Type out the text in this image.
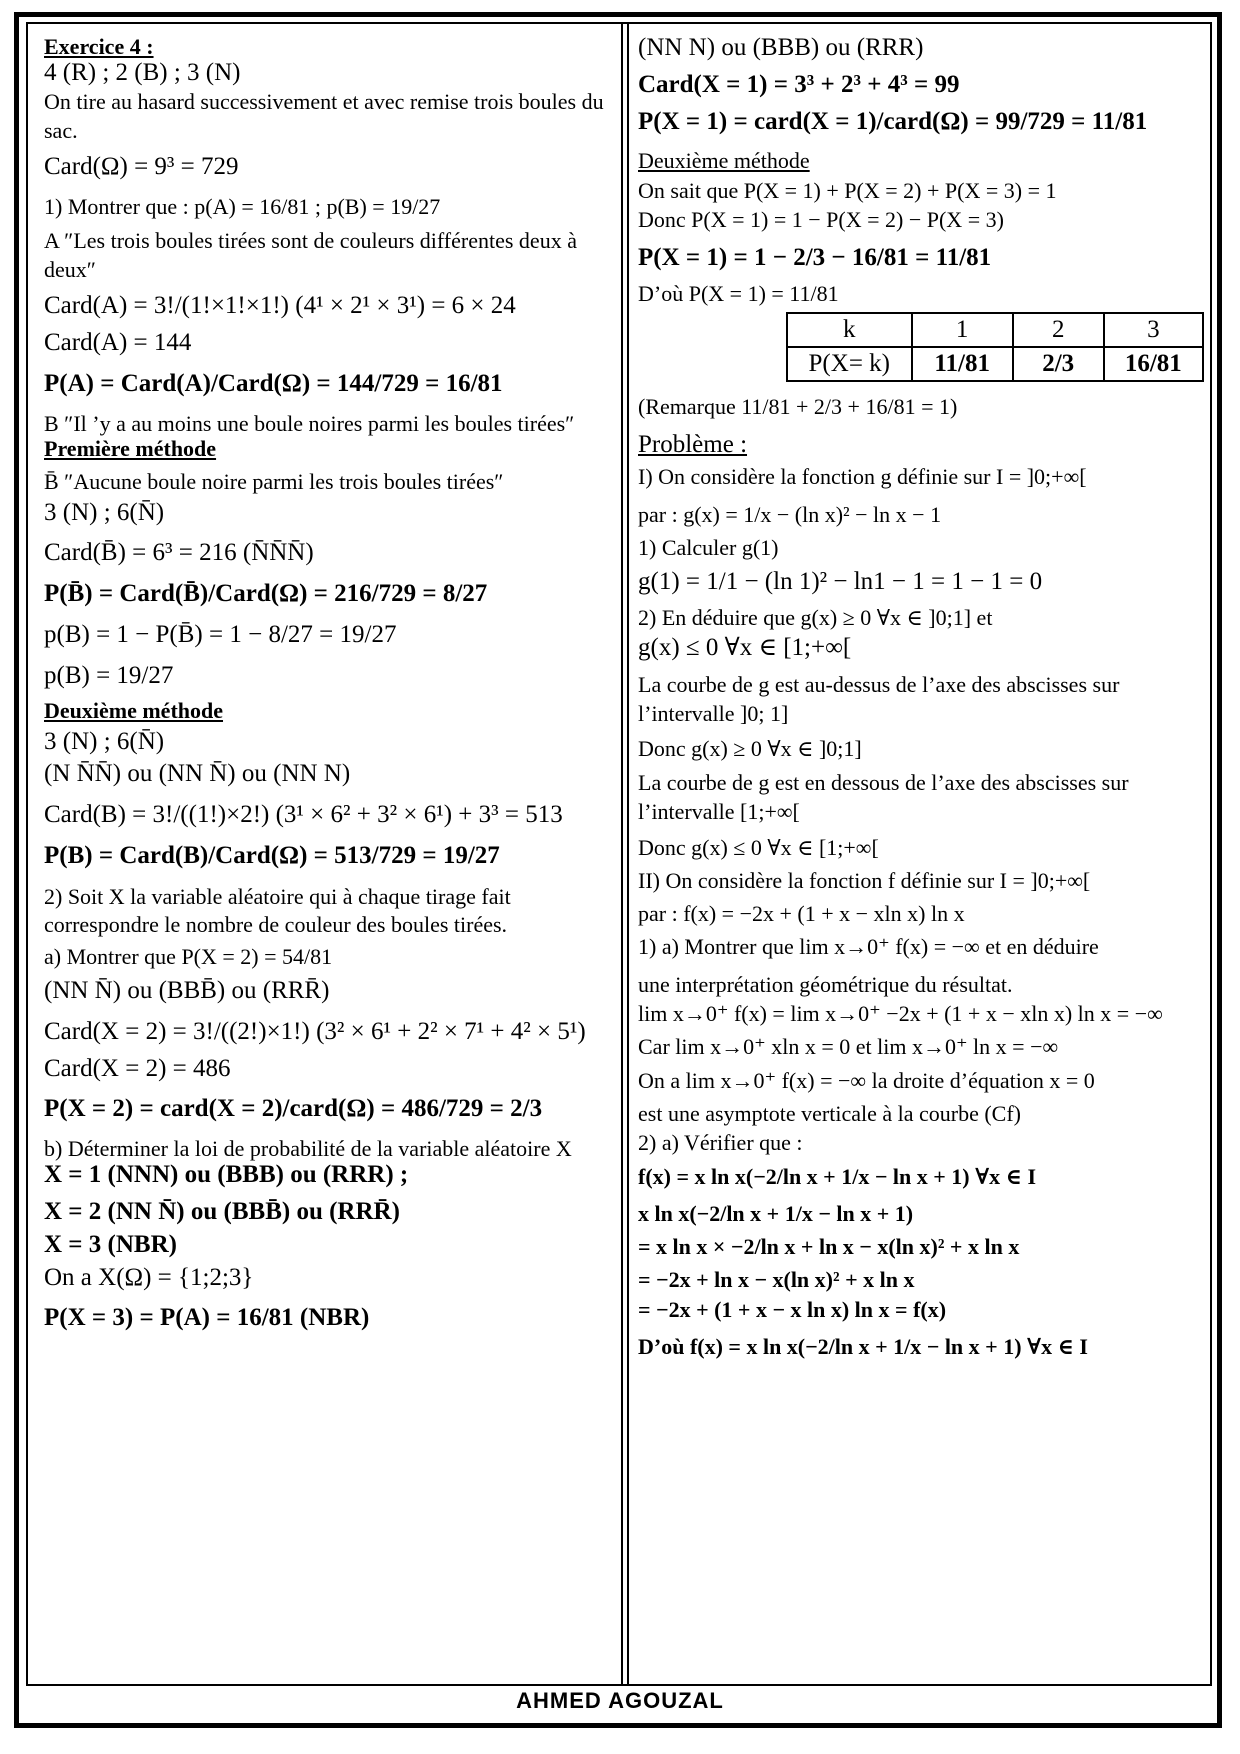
Exercice 4 :

4 (R) ; 2 (B) ; 3 (N)

On tire au hasard successivement et avec remise trois boules du sac.

Card(Ω) = 9³ = 729

1) Montrer que : p(A) = 16/81 ; p(B) = 19/27

A ″Les trois boules tirées sont de couleurs différentes deux à deux″

Card(A) = 3!/(1!×1!×1!) (4¹ × 2¹ × 3¹) = 6 × 24

Card(A) = 144

P(A) = Card(A)/Card(Ω) = 144/729 = 16/81

B ″Il ’y a au moins une boule noires parmi les boules tirées″

Première méthode

B̄ ″Aucune boule noire parmi les trois boules tirées″

3 (N) ; 6(N̄)

Card(B̄) = 6³ = 216 (N̄N̄N̄)

P(B̄) = Card(B̄)/Card(Ω) = 216/729 = 8/27

p(B) = 1 − P(B̄) = 1 − 8/27 = 19/27

p(B) = 19/27

Deuxième méthode

3 (N) ; 6(N̄)

(N N̄N̄) ou (NN N̄) ou (NN N)

Card(B) = 3!/((1!)×2!) (3¹ × 6² + 3² × 6¹) + 3³ = 513

P(B) = Card(B)/Card(Ω) = 513/729 = 19/27

2) Soit X la variable aléatoire qui à chaque tirage fait correspondre le nombre de couleur des boules tirées.

a) Montrer que P(X = 2) = 54/81

(NN N̄) ou (BBB̄) ou (RRR̄)

Card(X = 2) = 3!/((2!)×1!) (3² × 6¹ + 2² × 7¹ + 4² × 5¹)

Card(X = 2) = 486

P(X = 2) = card(X = 2)/card(Ω) = 486/729 = 2/3

b) Déterminer la loi de probabilité de la variable aléatoire X

X = 1 (NNN) ou (BBB) ou (RRR) ;

X = 2 (NN N̄) ou (BBB̄) ou (RRR̄)

X = 3 (NBR)

On a X(Ω) = {1;2;3}

P(X = 3) = P(A) = 16/81 (NBR)

(NN N) ou (BBB) ou (RRR)

Card(X = 1) = 3³ + 2³ + 4³ = 99

P(X = 1) = card(X = 1)/card(Ω) = 99/729 = 11/81

Deuxième méthode

On sait que P(X = 1) + P(X = 2) + P(X = 3) = 1

Donc P(X = 1) = 1 − P(X = 2) − P(X = 3)

P(X = 1) = 1 − 2/3 − 16/81 = 11/81

D’où P(X = 1) = 11/81

k	1	2	3
P(X= k)	11/81	2/3	16/81

(Remarque 11/81 + 2/3 + 16/81 = 1)

Problème :

I) On considère la fonction g définie sur I = ]0;+∞[

par : g(x) = 1/x − (ln x)² − ln x − 1

1) Calculer g(1)

g(1) = 1/1 − (ln 1)² − ln1 − 1 = 1 − 1 = 0

2) En déduire que g(x) ≥ 0 ∀x ∈ ]0;1] et

g(x) ≤ 0 ∀x ∈ [1;+∞[

La courbe de g est au-dessus de l’axe des abscisses sur l’intervalle ]0; 1]

Donc g(x) ≥ 0 ∀x ∈ ]0;1]

La courbe de g est en dessous de l’axe des abscisses sur l’intervalle [1;+∞[

Donc g(x) ≤ 0 ∀x ∈ [1;+∞[

II) On considère la fonction f définie sur I = ]0;+∞[

par : f(x) = −2x + (1 + x − xln x) ln x

1) a) Montrer que lim x→0⁺ f(x) = −∞ et en déduire

une interprétation géométrique du résultat.

lim x→0⁺ f(x) = lim x→0⁺ −2x + (1 + x − xln x) ln x = −∞

Car lim x→0⁺ xln x = 0 et lim x→0⁺ ln x = −∞

On a lim x→0⁺ f(x) = −∞ la droite d’équation x = 0

est une asymptote verticale à la courbe (Cf)

2) a) Vérifier que :

f(x) = x ln x(−2/ln x + 1/x − ln x + 1) ∀x ∈ I

x ln x(−2/ln x + 1/x − ln x + 1)

= x ln x × −2/ln x + ln x − x(ln x)² + x ln x

= −2x + ln x − x(ln x)² + x ln x

= −2x + (1 + x − x ln x) ln x = f(x)

D’où f(x) = x ln x(−2/ln x + 1/x − ln x + 1) ∀x ∈ I

AHMED AGOUZAL
